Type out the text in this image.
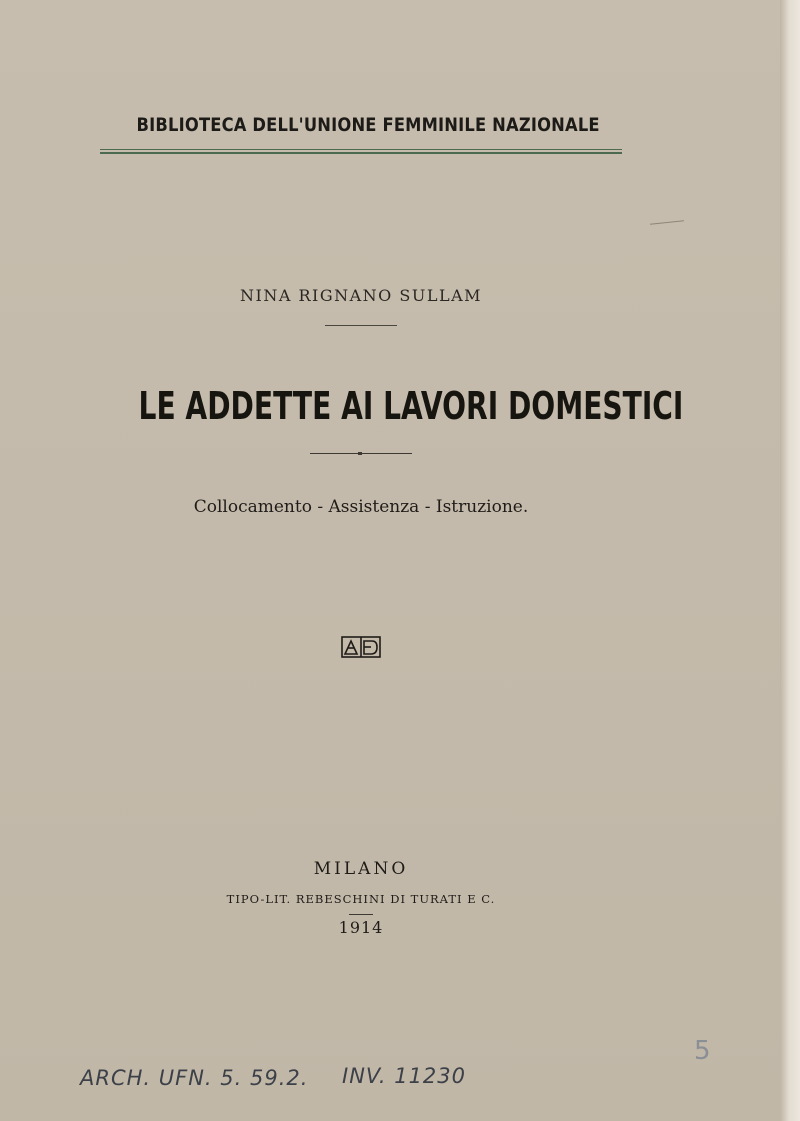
BIBLIOTECA DELL'UNIONE FEMMINILE NAZIONALE
NINA RIGNANO SULLAM
LE ADDETTE AI LAVORI DOMESTICI
Collocamento - Assistenza - Istruzione.
MILANO
TIPO-LIT. REBESCHINI DI TURATI E C.
1914
ARCH. UFN. 5. 59.2. INV. 11230
5
